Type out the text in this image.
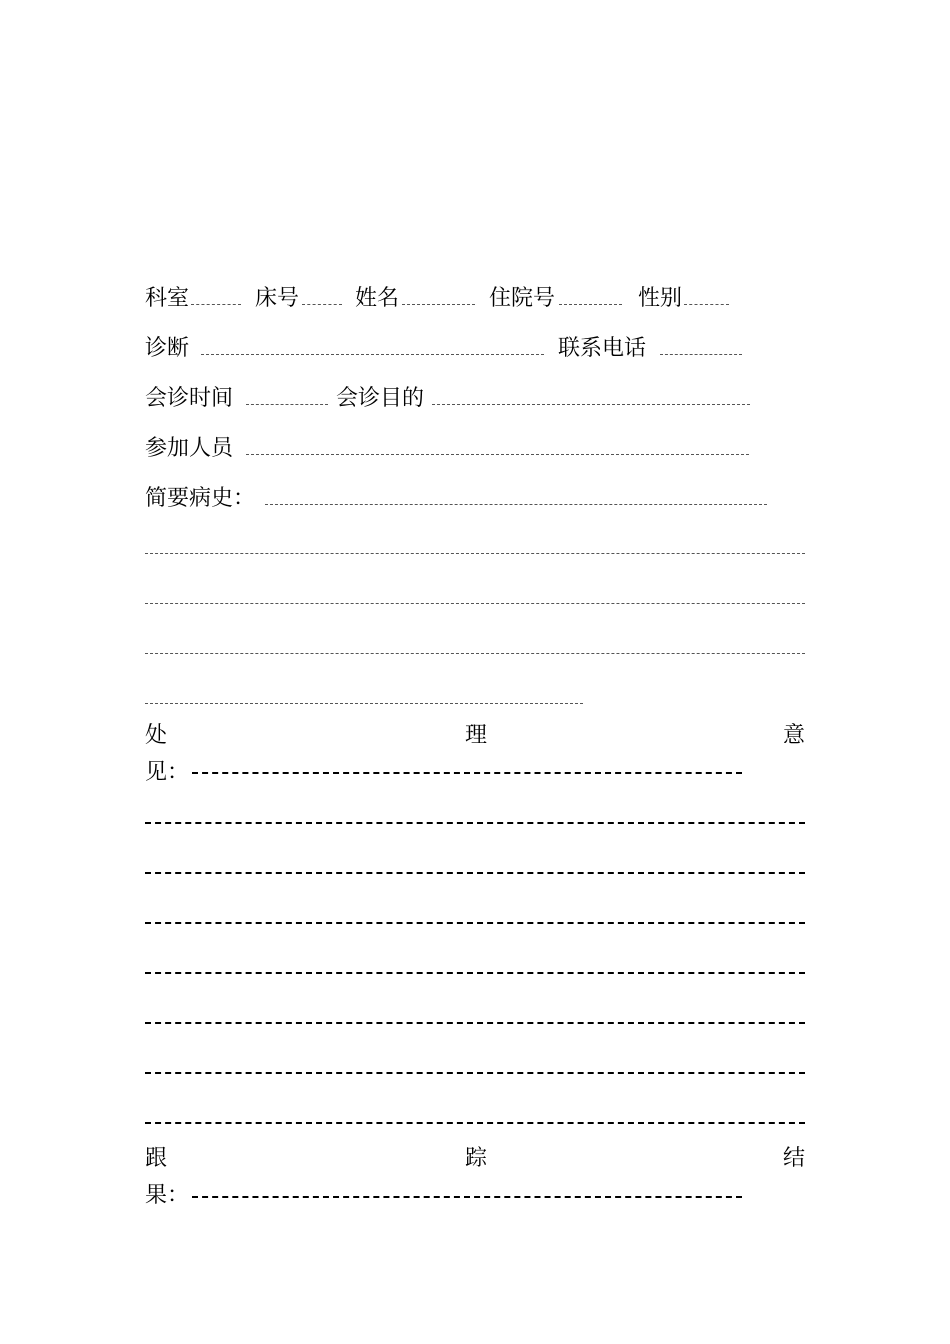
科室	床号	姓名	住院号	性别
诊断	联系电话
会诊时间	会诊目的
参加人员
简要病史：
处	理	意
见：
跟	踪	结
果：
